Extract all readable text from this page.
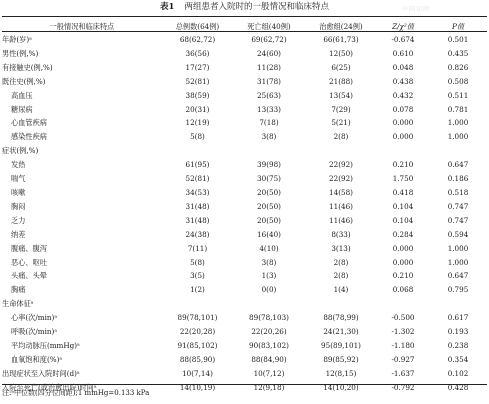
表1 两组患者入院时的一般情况和临床特点	中国知网
一般情况和临床特点	总例数(64例)	死亡组(40例)	治愈组(24例)	Z/χ²值	P值
年龄(岁)ᵃ	68(62,72)	69(62,72)	66(61,73)	-0.674	0.501
男性(例,%)	36(56)	24(60)	12(50)	0.610	0.435
有接触史(例,%)	17(27)	11(28)	6(25)	0.048	0.826
既往史(例,%)	52(81)	31(78)	21(88)	0.438	0.508
高血压	38(59)	25(63)	13(54)	0.432	0.511
糖尿病	20(31)	13(33)	7(29)	0.078	0.781
心血管疾病	12(19)	7(18)	5(21)	0.000	1.000
感染性疾病	5(8)	3(8)	2(8)	0.000	1.000
症状(例,%)					
发热	61(95)	39(98)	22(92)	0.210	0.647
喘气	52(81)	30(75)	22(92)	1.750	0.186
咳嗽	34(53)	20(50)	14(58)	0.418	0.518
胸闷	31(48)	20(50)	11(46)	0.104	0.747
乏力	31(48)	20(50)	11(46)	0.104	0.747
纳差	24(38)	16(40)	8(33)	0.284	0.594
腹痛、腹泻	7(11)	4(10)	3(13)	0.000	1.000
恶心、呕吐	5(8)	3(8)	2(8)	0.000	1.000
头痛、头晕	3(5)	1(3)	2(8)	0.210	0.647
胸痛	1(2)	0(0)	1(4)	0.068	0.795
生命体征ᵃ					
心率(次/min)ᵃ	89(78,101)	89(78,103)	88(78,99)	-0.500	0.617
呼吸(次/min)ᵃ	22(20,28)	22(20,26)	24(21,30)	-1.302	0.193
平均动脉压(mmHg)ᵃ	91(85,102)	90(83,102)	95(89,101)	-1.180	0.238
血氧饱和度(%)ᵃ	88(85,90)	88(84,90)	89(85,92)	-0.927	0.354
出现症状至入院时间(d)ᵃ	10(7,14)	10(7,12)	12(8,15)	-1.637	0.102
入院至死亡(或治愈出院)时间ᵃ	14(10,19)	12(9,18)	14(10,20)	-0.792	0.428
注:ᵃ中位数(四分位间距);1 mmHg=0.133 kPa
